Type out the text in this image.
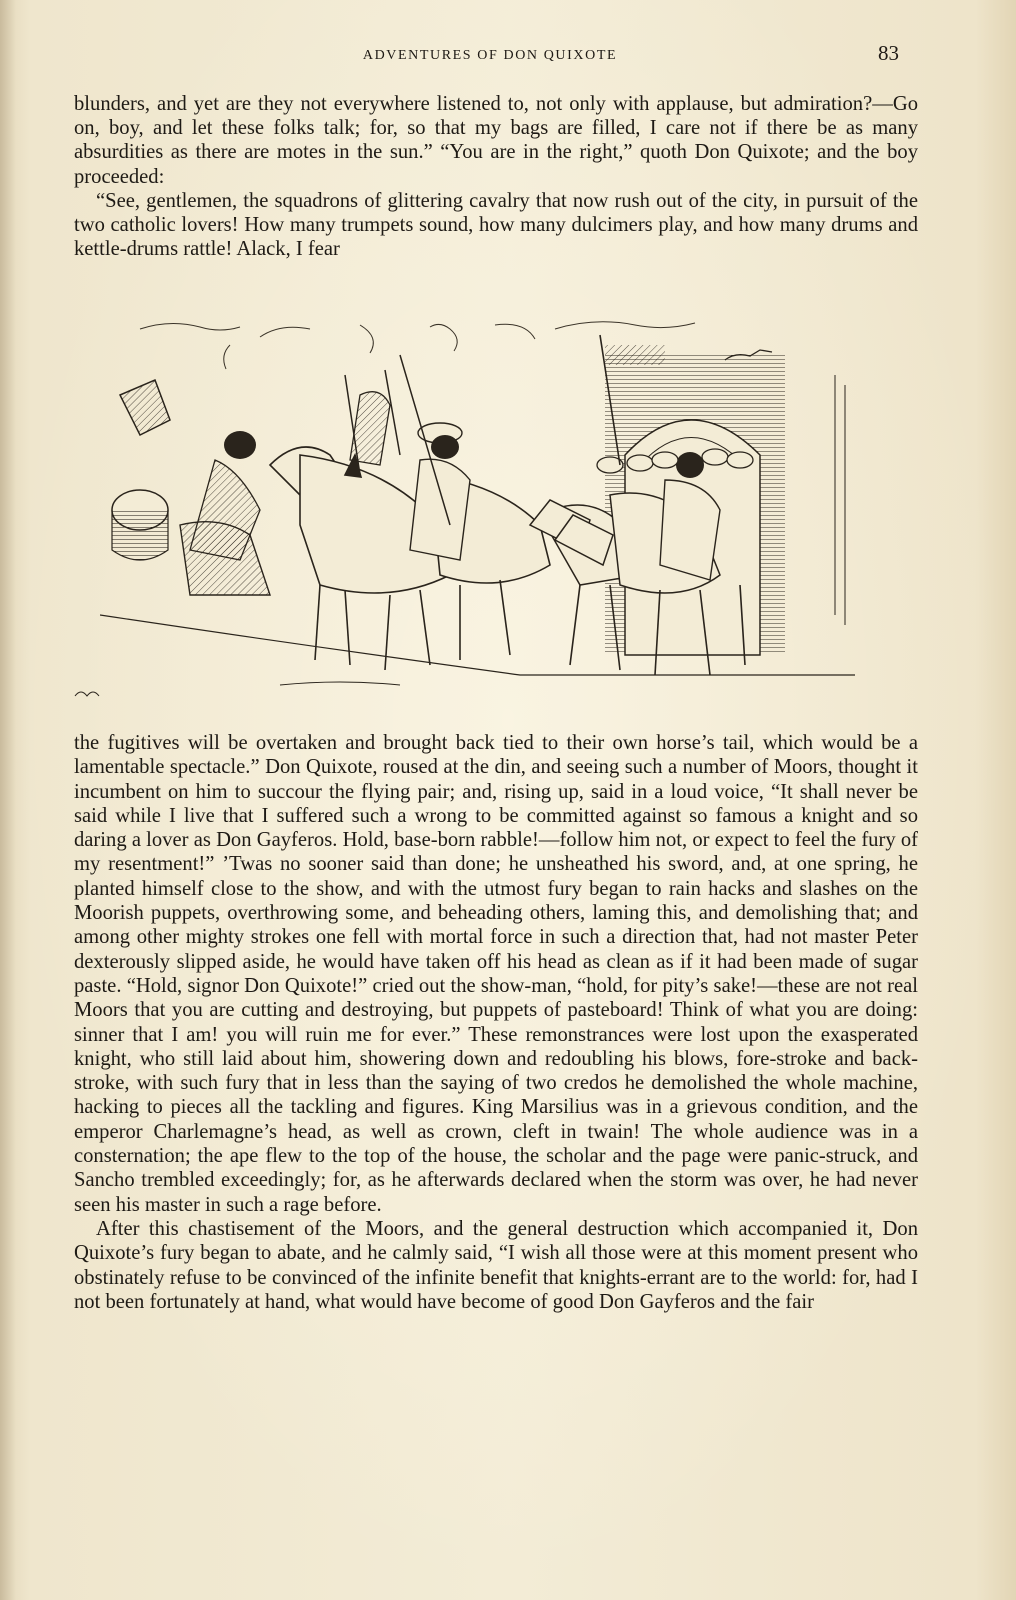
ADVENTURES OF DON QUIXOTE	83

blunders, and yet are they not everywhere listened to, not only with applause, but admiration?—Go on, boy, and let these folks talk; for, so that my bags are filled, I care not if there be as many absurdities as there are motes in the sun.” “You are in the right,” quoth Don Quixote; and the boy proceeded:

“See, gentlemen, the squadrons of glittering cavalry that now rush out of the city, in pursuit of the two catholic lovers! How many trumpets sound, how many dulcimers play, and how many drums and kettle-drums rattle! Alack, I fear

the fugitives will be overtaken and brought back tied to their own horse’s tail, which would be a lamentable spectacle.” Don Quixote, roused at the din, and seeing such a number of Moors, thought it incumbent on him to succour the flying pair; and, rising up, said in a loud voice, “It shall never be said while I live that I suffered such a wrong to be committed against so famous a knight and so daring a lover as Don Gayferos. Hold, base-born rabble!—follow him not, or expect to feel the fury of my resentment!” ’Twas no sooner said than done; he unsheathed his sword, and, at one spring, he planted himself close to the show, and with the utmost fury began to rain hacks and slashes on the Moorish puppets, overthrowing some, and beheading others, laming this, and demolishing that; and among other mighty strokes one fell with mortal force in such a direction that, had not master Peter dexterously slipped aside, he would have taken off his head as clean as if it had been made of sugar paste. “Hold, signor Don Quixote!” cried out the show-man, “hold, for pity’s sake!—these are not real Moors that you are cutting and destroying, but puppets of pasteboard! Think of what you are doing: sinner that I am! you will ruin me for ever.” These remonstrances were lost upon the exasperated knight, who still laid about him, showering down and redoubling his blows, fore-stroke and back-stroke, with such fury that in less than the saying of two credos he demolished the whole machine, hacking to pieces all the tackling and figures. King Marsilius was in a grievous condition, and the emperor Charlemagne’s head, as well as crown, cleft in twain! The whole audience was in a consternation; the ape flew to the top of the house, the scholar and the page were panic-struck, and Sancho trembled exceedingly; for, as he afterwards declared when the storm was over, he had never seen his master in such a rage before.

After this chastisement of the Moors, and the general destruction which accompanied it, Don Quixote’s fury began to abate, and he calmly said, “I wish all those were at this moment present who obstinately refuse to be convinced of the infinite benefit that knights-errant are to the world: for, had I not been fortunately at hand, what would have become of good Don Gayferos and the fair
